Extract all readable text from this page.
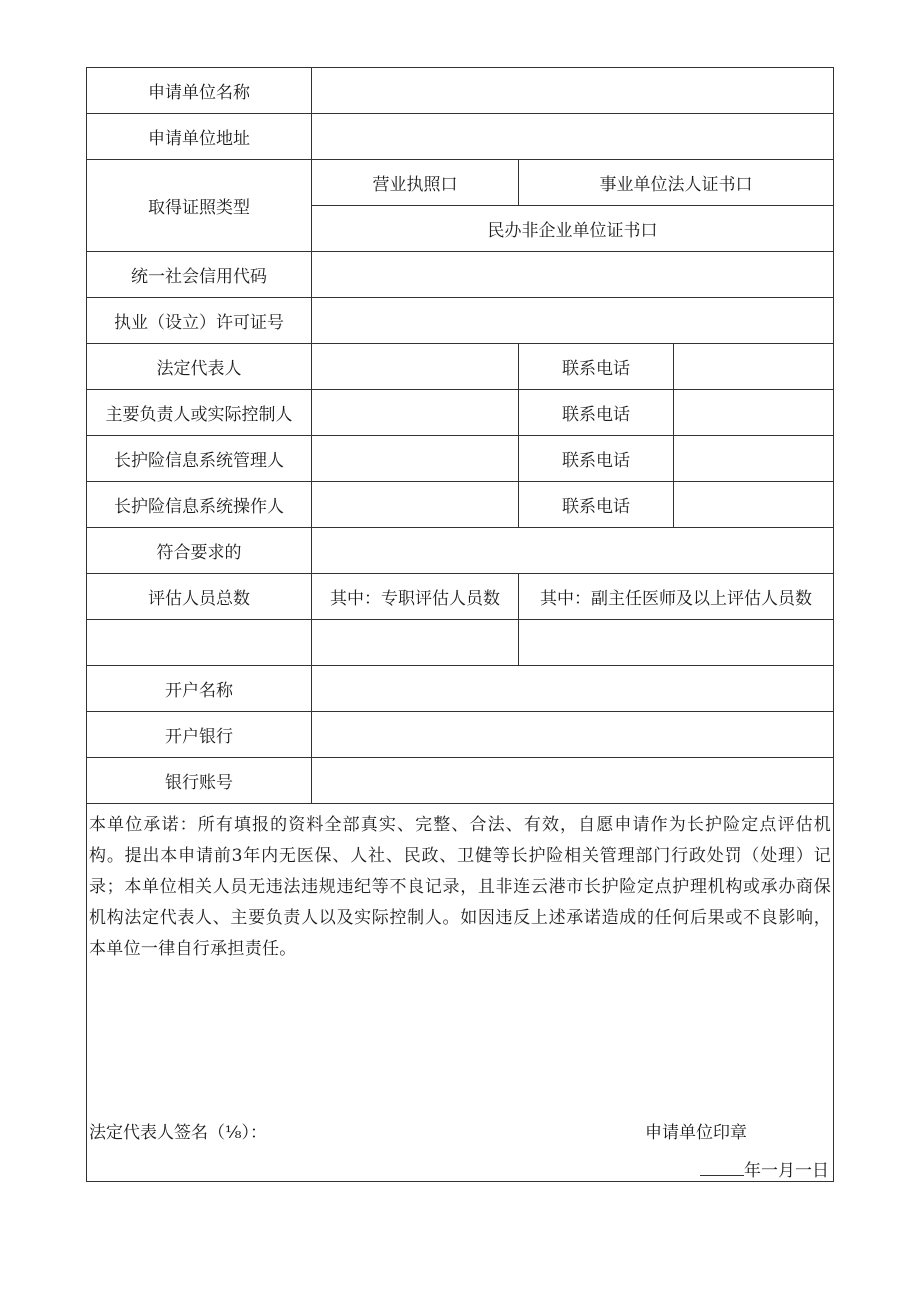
申请单位名称			
申请单位地址			
取得证照类型	营业执照口	事业单位法人证书口	
	民办非企业单位证书口		
统一社会信用代码			
执业（设立）许可证号			
法定代表人		联系电话	
主要负责人或实际控制人		联系电话	
长护险信息系统管理人		联系电话	
长护险信息系统操作人		联系电话	
符合要求的			
评估人员总数	其中：专职评估人员数	其中：副主任医师及以上评估人员数	

开户名称			
开户银行			
银行账号			

本单位承诺：所有填报的资料全部真实、完整、合法、有效，自愿申请作为长护险定点评估机构。提出本申请前3年内无医保、人社、民政、卫健等长护险相关管理部门行政处罚（处理）记录；本单位相关人员无违法违规违纪等不良记录，且非连云港市长护险定点护理机构或承办商保机构法定代表人、主要负责人以及实际控制人。如因违反上述承诺造成的任何后果或不良影响，本单位一律自行承担责任。
法定代表人签名（⅛）： 申请单位印章
年一月一日			
